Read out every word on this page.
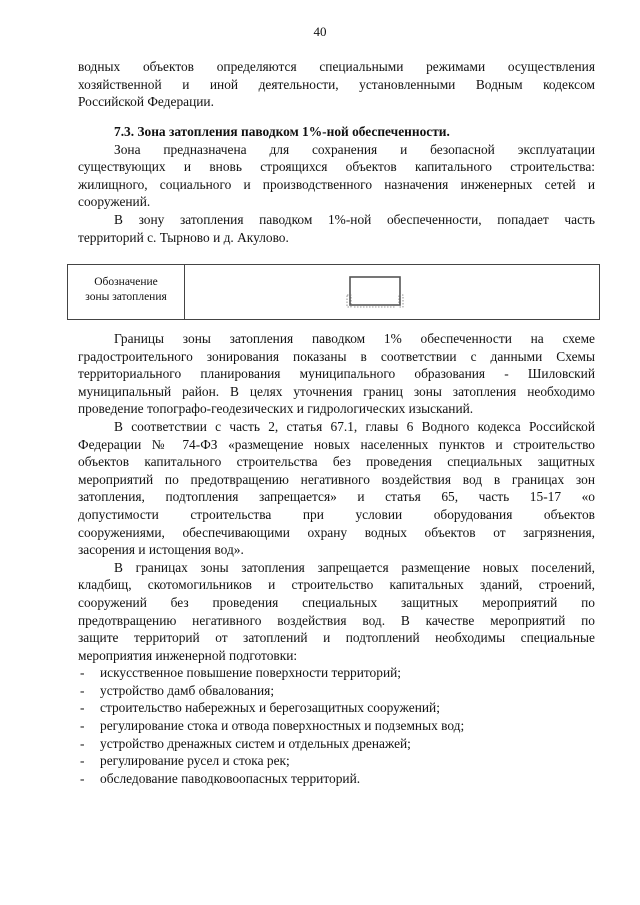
40
водных объектов определяются специальными режимами осуществления
хозяйственной и иной деятельности, установленными Водным кодексом
Российской Федерации.
7.3. Зона затопления паводком 1%-ной обеспеченности.
Зона предназначена для сохранения и безопасной эксплуатации
существующих и вновь строящихся объектов капитального строительства:
жилищного, социального и производственного назначения инженерных сетей и
сооружений.
В зону затопления паводком 1%-ной обеспеченности, попадает часть
территорий с. Тырново и д. Акулово.
Обозначение
зоны затопления
Границы зоны затопления паводком 1% обеспеченности на схеме
градостроительного зонирования показаны в соответствии с данными Схемы
территориального планирования муниципального образования - Шиловский
муниципальный район. В целях уточнения границ зоны затопления необходимо
проведение топографо-геодезических и гидрологических изысканий.
В соответствии с часть 2, статья 67.1, главы 6 Водного кодекса Российской
Федерации № 74-ФЗ «размещение новых населенных пунктов и строительство
объектов капитального строительства без проведения специальных защитных
мероприятий по предотвращению негативного воздействия вод в границах зон
затопления, подтопления запрещается» и статья 65, часть 15-17 «о
допустимости строительства при условии оборудования объектов
сооружениями, обеспечивающими охрану водных объектов от загрязнения,
засорения и истощения вод».
В границах зоны затопления запрещается размещение новых поселений,
кладбищ, скотомогильников и строительство капитальных зданий, строений,
сооружений без проведения специальных защитных мероприятий по
предотвращению негативного воздействия вод. В качестве мероприятий по
защите территорий от затоплений и подтоплений необходимы специальные
мероприятия инженерной подготовки:
- искусственное повышение поверхности территорий;
- устройство дамб обвалования;
- строительство набережных и берегозащитных сооружений;
- регулирование стока и отвода поверхностных и подземных вод;
- устройство дренажных систем и отдельных дренажей;
- регулирование русел и стока рек;
- обследование паводковоопасных территорий.
